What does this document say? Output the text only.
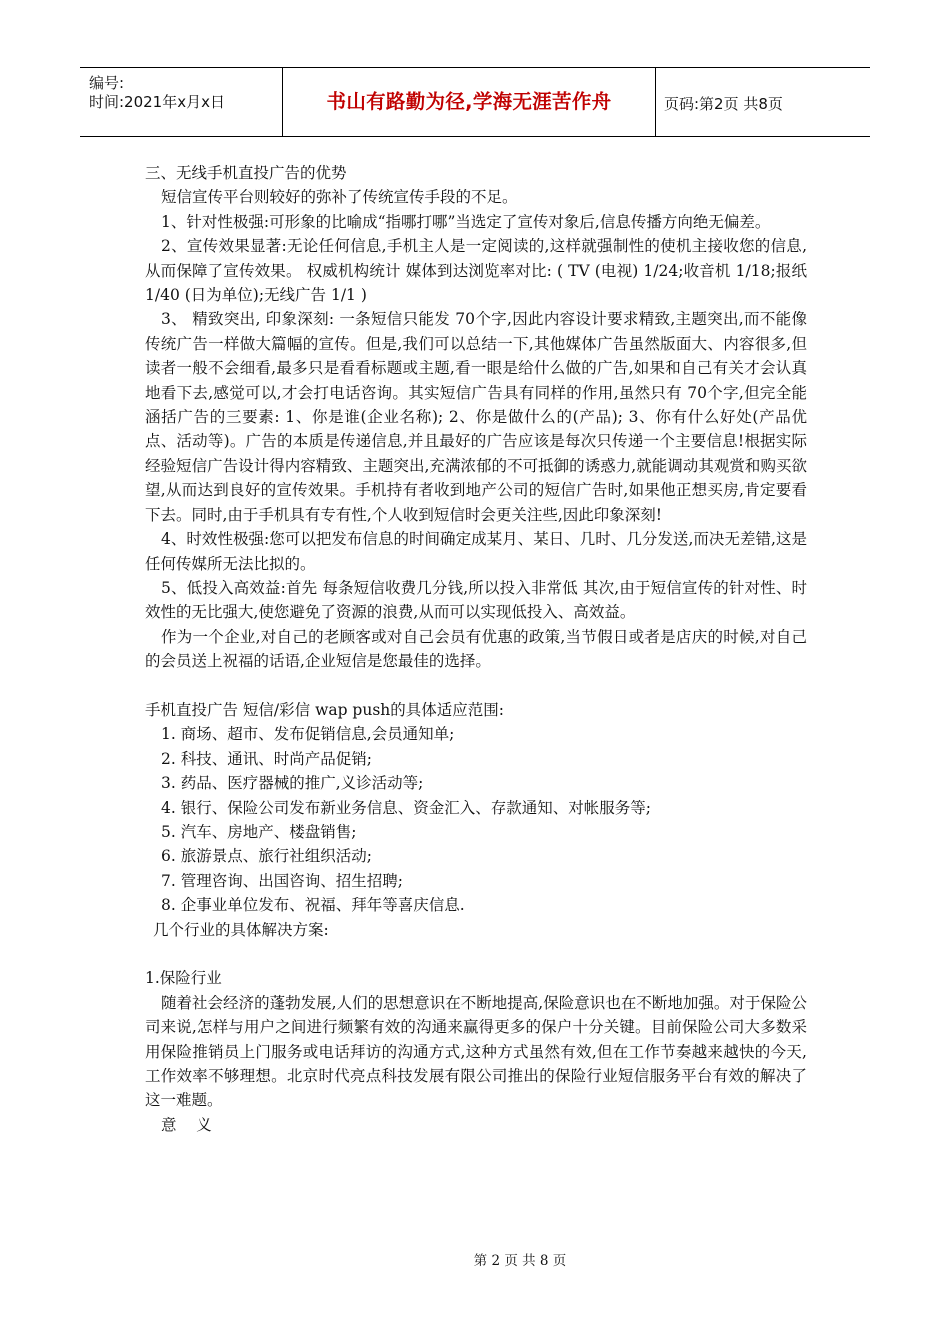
编号:
时间:2021年x月x日	书山有路勤为径,学海无涯苦作舟	页码:第2页 共8页

三、无线手机直投广告的优势

短信宣传平台则较好的弥补了传统宣传手段的不足。

1、针对性极强:可形象的比喻成“指哪打哪”当选定了宣传对象后,信息传播方向绝无偏差。

2、宣传效果显著:无论任何信息,手机主人是一定阅读的,这样就强制性的使机主接收您的信息,从而保障了宣传效果。 权威机构统计 媒体到达浏览率对比: ( TV (电视) 1/24;收音机 1/18;报纸 1/40 (日为单位);无线广告 1/1 )

3、 精致突出, 印象深刻: 一条短信只能发 70个字,因此内容设计要求精致,主题突出,而不能像传统广告一样做大篇幅的宣传。但是,我们可以总结一下,其他媒体广告虽然版面大、内容很多,但读者一般不会细看,最多只是看看标题或主题,看一眼是给什么做的广告,如果和自己有关才会认真地看下去,感觉可以,才会打电话咨询。其实短信广告具有同样的作用,虽然只有 70个字,但完全能涵括广告的三要素: 1、你是谁(企业名称); 2、你是做什么的(产品); 3、你有什么好处(产品优点、活动等)。广告的本质是传递信息,并且最好的广告应该是每次只传递一个主要信息!根据实际经验短信广告设计得内容精致、主题突出,充满浓郁的不可抵御的诱惑力,就能调动其观赏和购买欲望,从而达到良好的宣传效果。手机持有者收到地产公司的短信广告时,如果他正想买房,肯定要看下去。同时,由于手机具有专有性,个人收到短信时会更关注些,因此印象深刻!

4、时效性极强:您可以把发布信息的时间确定成某月、某日、几时、几分发送,而决无差错,这是任何传媒所无法比拟的。

5、低投入高效益:首先 每条短信收费几分钱,所以投入非常低 其次,由于短信宣传的针对性、时效性的无比强大,使您避免了资源的浪费,从而可以实现低投入、高效益。

作为一个企业,对自己的老顾客或对自己会员有优惠的政策,当节假日或者是店庆的时候,对自己的会员送上祝福的话语,企业短信是您最佳的选择。

手机直投广告 短信/彩信 wap push的具体适应范围:

1. 商场、超市、发布促销信息,会员通知单;

2. 科技、通讯、时尚产品促销;

3. 药品、医疗器械的推广,义诊活动等;

4. 银行、保险公司发布新业务信息、资金汇入、存款通知、对帐服务等;

5. 汽车、房地产、楼盘销售;

6. 旅游景点、旅行社组织活动;

7. 管理咨询、出国咨询、招生招聘;

8. 企事业单位发布、祝福、拜年等喜庆信息.

几个行业的具体解决方案:

1.保险行业

随着社会经济的蓬勃发展,人们的思想意识在不断地提高,保险意识也在不断地加强。对于保险公司来说,怎样与用户之间进行频繁有效的沟通来赢得更多的保户十分关键。目前保险公司大多数采用保险推销员上门服务或电话拜访的沟通方式,这种方式虽然有效,但在工作节奏越来越快的今天,工作效率不够理想。北京时代亮点科技发展有限公司推出的保险行业短信服务平台有效的解决了这一难题。

意    义

第 2 页 共 8 页
